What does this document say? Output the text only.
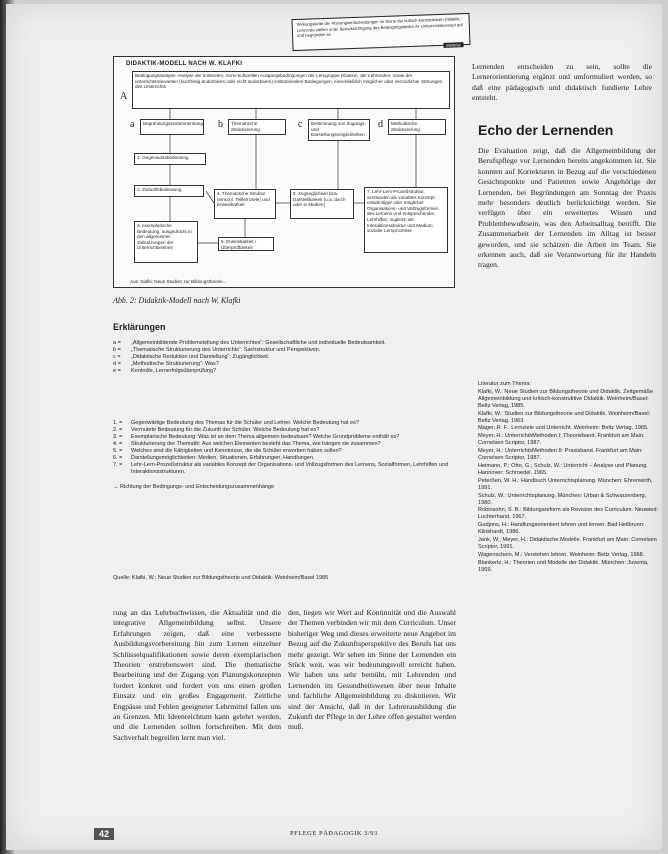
Wirkungskette der Planungsentscheidungen im Sinne der kritisch-konstruktiven Didaktik; Lehrende stellen unter Berücksichtigung des Bedingungsfeldes ihr Unterrichtskonzept auf und begründen es
Material
DIDAKTIK-MODELL NACH W. KLAFKI
A
Bedingungsanalyse: Analyse der konkreten, sozio-kulturellen Ausgangsbedingungen der Lerngruppe (Klasse), der Lehrenden, sowie der unterrichtsrelevanten (kurzfristig änderbaren oder nicht änderbaren) institutionellen Bedingungen, einschließlich möglicher oder vermutlicher Störungen des Unterrichts
a	Begründungszusammenhang b	Thematische Strukturierung	c	Bestimmung von Zugangs- und Darstellungsmöglichkeiten
d	Methodische Strukturierung
1. Gegenwartsbedeutung
2. Zukunftsbedeutung
4. Thematische Struktur (einschl. Teillernziele) und Erweisbarkeit
6. Zugänglichkeit bzw. Darstellbarkeit (u.a. durch oder in Medien)
7. Lehr-Lern-Prozeßstruktur, verstanden als variables Konzept notwendiger oder möglicher Organisations- und Vollzugsformen des Lernens und entsprechender Lehrhilfen, zugleich als Interaktionsstruktur und Medium sozialer Lernprozesse
3. exemplarische Bedeutung, ausgedrückt in den allgemeinen Zielsetzungen der Unterrichtseinheit
5. Erweisbarkeit / Überprüfbarkeit
Aus: Klafki: Neue Studien zur Bildungstheorie...
Abb. 2: Didaktik-Modell nach W. Klafki
Erklärungen
a =	„Allgemeinbildende Problemstellung des Unterrichtes“: Gesellschaftliche und individuelle Bedeutsamkeit.
b =	„Thematische Strukturierung des Unterrichts“: Sachstruktur und Perspektiven.
c =	„Didaktische Reduktion und Darstellung“: Zugänglichkeit.
d =	„Methodische Strukturierung“: Was?
e =	Kontrolle, Lernerfolgsüberprüfung?
1. =	Gegenwärtige Bedeutung des Themas für die Schüler und Lehrer. Welche Bedeutung hat es?
2. =	Vermutete Bedeutung für die Zukunft der Schüler. Welche Bedeutung hat es?
3. =	Exemplarische Bedeutung: Was ist an dem Thema allgemein bedeutsam? Welche Grundprobleme enthält es?
4. =	Strukturierung der Thematik: Aus welchen Elementen besteht das Thema, wie hängen sie zusammen?
5. =	Welches sind die Fähigkeiten und Kenntnisse, die die Schüler erworben haben sollen?
6. =	Darstellungsmöglichkeiten: Medien, Situationen, Erfahrungen, Handlungen.
7. =	Lehr-Lern-Prozeßstruktur als variables Konzept der Organisations- und Vollzugsformen des Lernens, Sozialformen, Lehrhilfen und Interaktionsstrukturen.
→ Richtung der Bedingungs- und Entscheidungszusammenhänge
Quelle: Klafki, W.: Neue Studien zur Bildungstheorie und Didaktik. Weinheim/Basel 1985
Lernenden entscheiden zu sein, sollte die Lernerorientierung ergänzt und umformuliert werden, so daß eine pädagogisch und didaktisch fundierte Lehre entsteht.
Echo der Lernenden
Die Evaluation zeigt, daß die Allgemeinbildung der Berufspflege vor Lernenden bereits angekommen ist. Sie konnten auf Korrekturen in Bezug auf die verschiedenen Gesichtspunkte und Patienten sowie Angehörige der Lernenden, bei Begründungen am Sonntag der Praxis mehr besonders deutlich berücksichtigt werden. Sie verfügen über ein erweitertes Wissen und Problembewußtsein, was den Arbeitsalltag betrifft. Die Zusammenarbeit der Lernenden im Alltag ist besser geworden, und sie schätzen die Arbeit im Team. Sie erkennen auch, daß sie Verantwortung für ihr Handeln tragen.
Literatur zum Thema:
Klafki, W.: Neue Studien zur Bildungstheorie und Didaktik. Zeitgemäße Allgemeinbildung und kritisch-konstruktive Didaktik. Weinheim/Basel: Beltz Verlag, 1985.
Klafki, W.: Studien zur Bildungstheorie und Didaktik. Weinheim/Basel: Beltz Verlag, 1963.
Mager, R. F.: Lernziele und Unterricht. Weinheim: Beltz Verlag, 1965.
Meyer, H.: UnterrichtsMethoden I: Theorieband. Frankfurt am Main: Cornelsen Scriptor, 1987.
Meyer, H.: UnterrichtsMethoden II: Praxisband. Frankfurt am Main: Cornelsen Scriptor, 1987.
Heimann, P.; Otto, G.; Schulz, W.: Unterricht – Analyse und Planung. Hannover: Schroedel, 1965.
Peterßen, W. H.: Handbuch Unterrichtsplanung. München: Ehrenwirth, 1991.
Schulz, W.: Unterrichtsplanung. München: Urban & Schwarzenberg, 1980.
Robinsohn, S. B.: Bildungsreform als Revision des Curriculum. Neuwied: Luchterhand, 1967.
Gudjons, H.: Handlungsorientiert lehren und lernen. Bad Heilbrunn: Klinkhardt, 1986.
Jank, W.; Meyer, H.: Didaktische Modelle. Frankfurt am Main: Cornelsen Scriptor, 1991.
Wagenschein, M.: Verstehen lehren. Weinheim: Beltz Verlag, 1968.
Blankertz, H.: Theorien und Modelle der Didaktik. München: Juventa, 1969.
rung an das Lehrbuchwissen, die Aktualität und die integrative Allgemeinbildung selbst. Unsere Erfahrungen zeigen, daß eine verbesserte Ausbildungsvorbereitung hin zum Lernen einzelner Schlüsselqualifikationen sowie deren exemplarischen Theorien erstrebenswert sind. Die thematische Bearbeitung und der Zugang von Planungskonzepten fordert konkret und fordert von uns einen großen Einsatz und ein großes Engagement. Zeitliche Engpässe und Fehlen geeigneter Lehrmittel fallen uns an Grenzen. Mit Ideenreichtum kann gelehrt werden, und die Lernenden sollten fortschreiben. Mit dem Sachverhalt begreifen lernt man viel.
den, liegen wir Wert auf Kontinuität und die Auswahl der Themen verbinden wir mit dem Curriculum. Unser bisheriger Weg und dieses erweiterte neue Angebot im Bezug auf die Zukunftsperspektive des Berufs hat uns mehr gezeigt. Wir sehen im Sinne der Lernenden ein Stück weit, was wir bedeutungsvoll erreicht haben. Wir haben uns sehr bemüht, mit Lehrenden und Lernenden im Gesundheitswesen über neue Inhalte und fachliche Allgemeinbildung zu diskutieren. Wir sind der Ansicht, daß in der Lehrerausbildung die Zukunft der Pflege in der Lehre offen gestaltet werden muß.
42	PFLEGE PÄDAGOGIK 3/93
